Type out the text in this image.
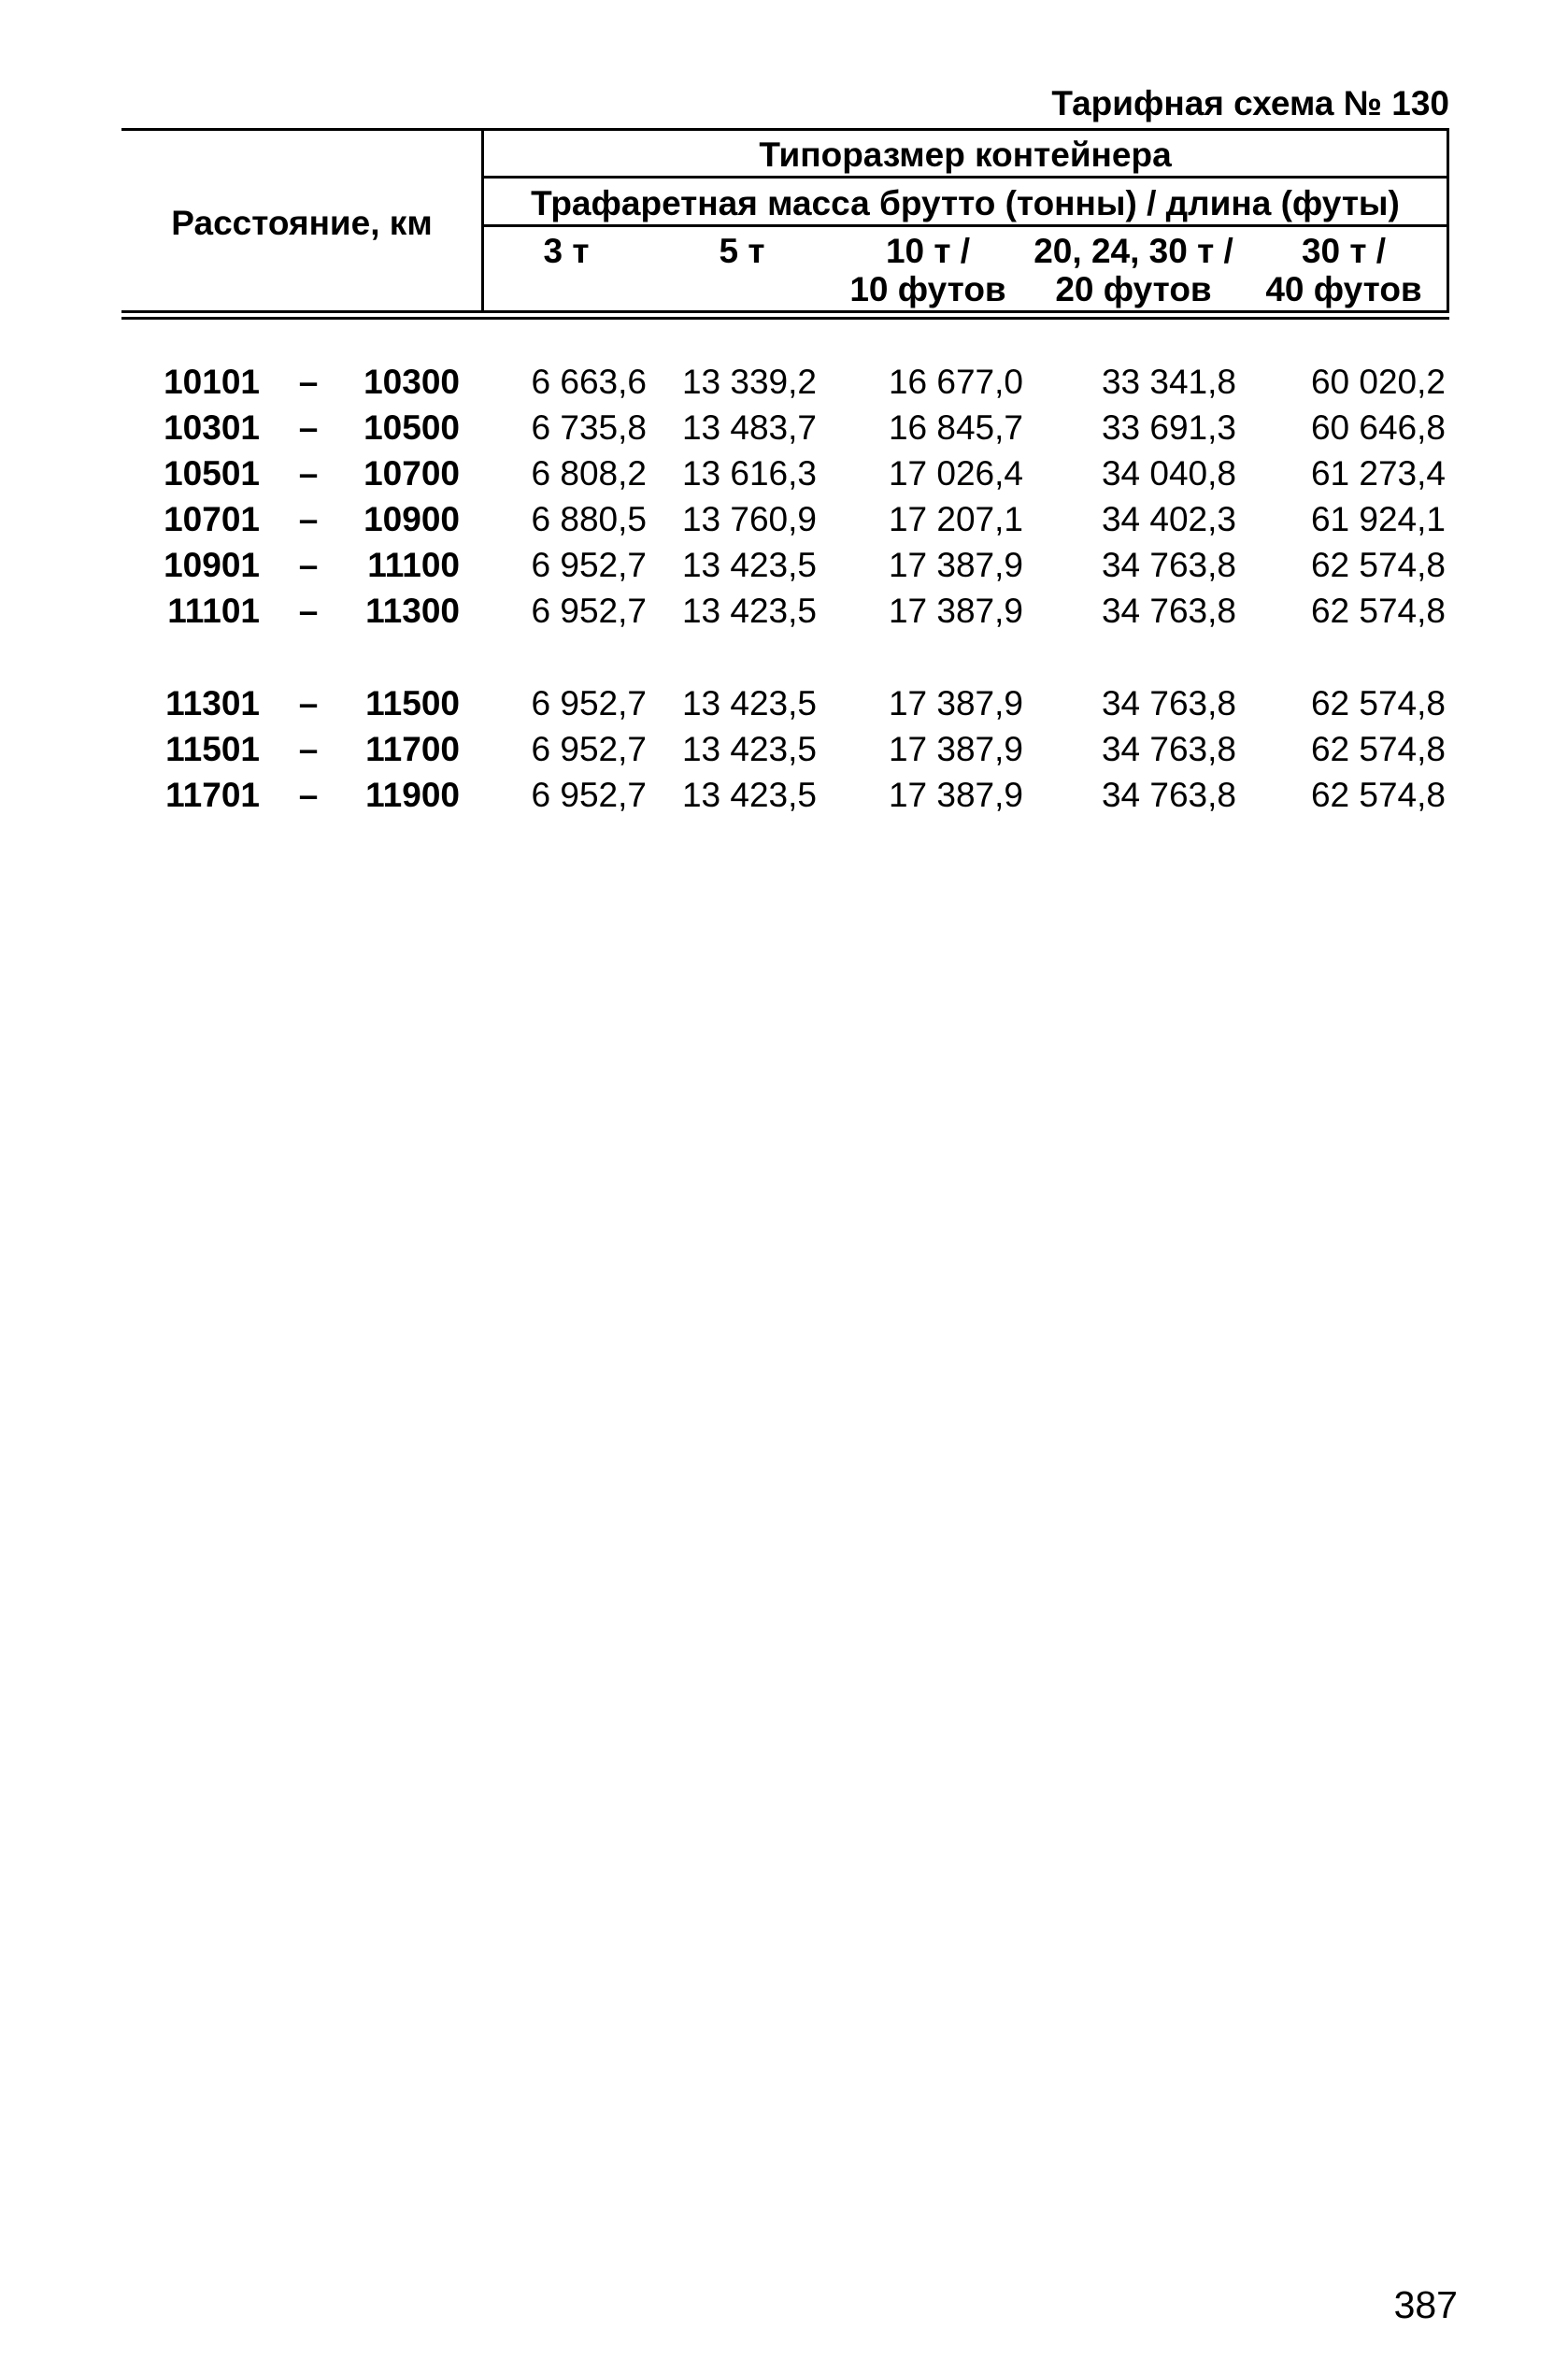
Тарифная схема № 130
Расстояние, км
Типоразмер контейнера
Трафаретная масса брутто (тонны) / длина (футы)
3 т	5 т	10 т /
10 футов
20, 24, 30 т /
20 футов
30 т /
40 футов
10101 – 10300 6 663,6 13 339,2 16 677,0 33 341,8 60 020,2
10301 – 10500 6 735,8 13 483,7 16 845,7 33 691,3 60 646,8
10501 – 10700 6 808,2 13 616,3 17 026,4 34 040,8 61 273,4
10701 – 10900 6 880,5 13 760,9 17 207,1 34 402,3 61 924,1
10901 – 11100 6 952,7 13 423,5 17 387,9 34 763,8 62 574,8
11101 – 11300 6 952,7 13 423,5 17 387,9 34 763,8 62 574,8
11301 – 11500 6 952,7 13 423,5 17 387,9 34 763,8 62 574,8
11501 – 11700 6 952,7 13 423,5 17 387,9 34 763,8 62 574,8
11701 – 11900 6 952,7 13 423,5 17 387,9 34 763,8 62 574,8
387
